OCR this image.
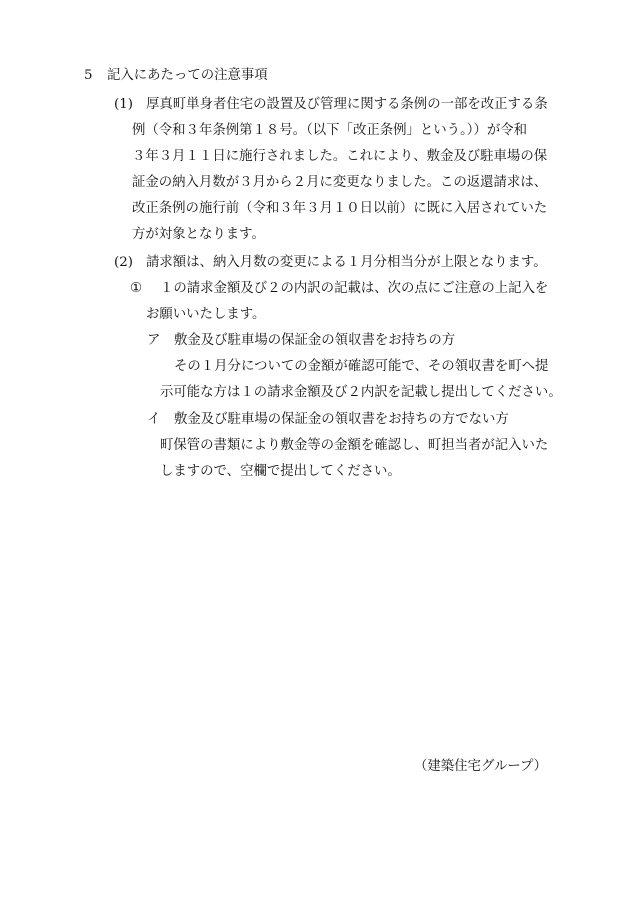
5 記入にあたっての注意事項
(1) 厚真町単身者住宅の設置及び管理に関する条例の一部を改正する条
例（令和３年条例第１８号。（以下「改正条例」という。））が令和
３年３月１１日に施行されました。これにより、敷金及び駐車場の保
証金の納入月数が３月から２月に変更なりました。この返還請求は、
改正条例の施行前（令和３年３月１０日以前）に既に入居されていた
方が対象となります。
(2) 請求額は、納入月数の変更による１月分相当分が上限となります。
① １の請求金額及び２の内訳の記載は、次の点にご注意の上記入を
お願いいたします。
ア 敷金及び駐車場の保証金の領収書をお持ちの方
その１月分についての金額が確認可能で、その領収書を町へ提
示可能な方は１の請求金額及び２内訳を記載し提出してください。
イ 敷金及び駐車場の保証金の領収書をお持ちの方でない方
町保管の書類により敷金等の金額を確認し、町担当者が記入いた
しますので、空欄で提出してください。
（建築住宅グループ）
